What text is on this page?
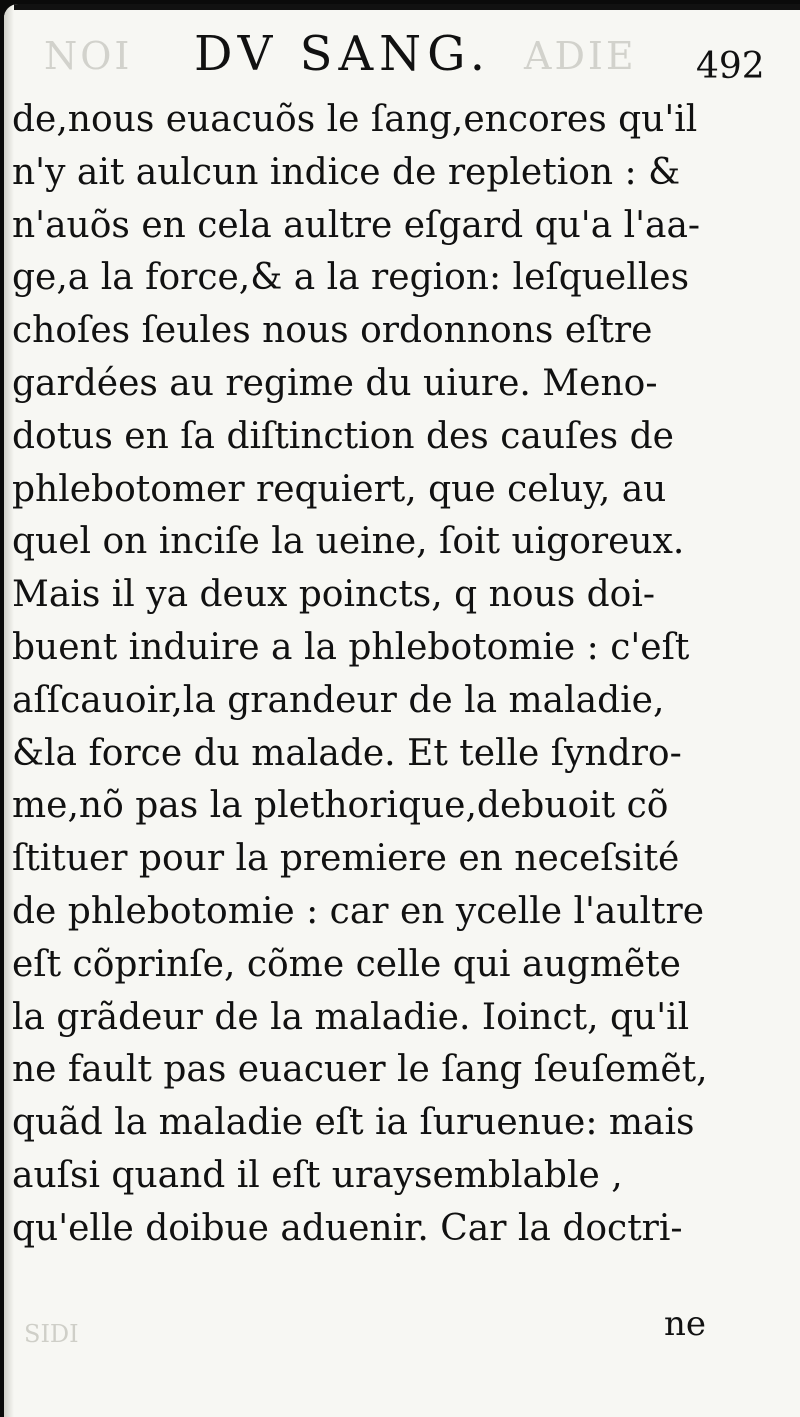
NOI	ADIE
DV SANG.	492
de,nous euacuõs le ſang,encores qu'il
n'y ait aulcun indice de repletion : &
n'auõs en cela aultre eſgard qu'a l'aa-
ge,a la force,& a la region: leſquelles
choſes ſeules nous ordonnons eſtre
gardées au regime du uiure. Meno-
dotus en ſa diſtinction des cauſes de
phlebotomer requiert, que celuy, au
quel on inciſe la ueine, ſoit uigoreux.
Mais il ya deux poincts, q nous doi-
buent induire a la phlebotomie : c'eſt
aſſcauoir,la grandeur de la maladie,
&la force du malade. Et telle ſyndro-
me,nõ pas la plethorique,debuoit cõ
ſtituer pour la premiere en neceſsité
de phlebotomie : car en ycelle l'aultre
eſt cõprinſe, cõme celle qui augmẽte
la grãdeur de la maladie. Ioinct, qu'il
ne fault pas euacuer le ſang ſeuſemẽt,
quãd la maladie eſt ia ſuruenue: mais
auſsi quand il eſt uraysemblable ,
qu'elle doibue aduenir. Car la doctri-
SIDI	ne
